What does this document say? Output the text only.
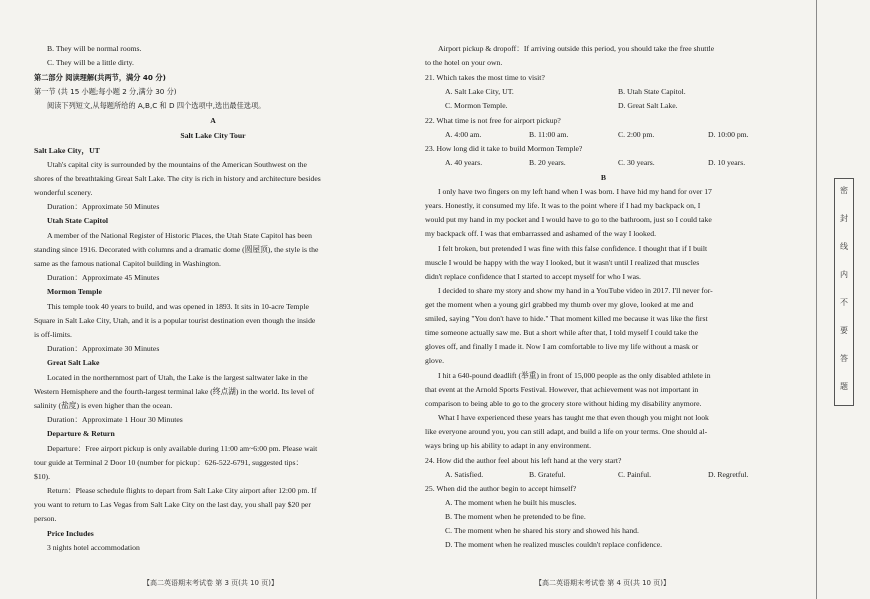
B. They will be normal rooms.
C. They will be a little dirty.
第二部分 阅读理解(共两节，满分 40 分)
第一节 (共 15 小题;每小题 2 分,满分 30 分)
阅读下列短文,从每题所给的 A,B,C 和 D 四个选项中,选出最佳选项。
A
Salt Lake City Tour
Salt Lake City，UT
Utah's capital city is surrounded by the mountains of the American Southwest on the
shores of the breathtaking Great Salt Lake. The city is rich in history and architecture besides
wonderful scenery.
Duration：Approximate 50 Minutes
Utah State Capitol
A member of the National Register of Historic Places, the Utah State Capitol has been
standing since 1916. Decorated with columns and a dramatic dome (圆屋顶), the style is the
same as the famous national Capitol building in Washington.
Duration：Approximate 45 Minutes
Mormon Temple
This temple took 40 years to build, and was opened in 1893. It sits in 10-acre Temple
Square in Salt Lake City, Utah, and it is a popular tourist destination even though the inside
is off-limits.
Duration：Approximate 30 Minutes
Great Salt Lake
Located in the northernmost part of Utah, the Lake is the largest saltwater lake in the
Western Hemisphere and the fourth-largest terminal lake (终点湖) in the world. Its level of
salinity (盐度) is even higher than the ocean.
Duration：Approximate 1 Hour 30 Minutes
Departure & Return
Departure：Free airport pickup is only available during 11:00 am~6:00 pm. Please wait
tour guide at Terminal 2 Door 10 (number for pickup：626-522-6791, suggested tips：
$10).
Return：Please schedule flights to depart from Salt Lake City airport after 12:00 pm. If
you want to return to Las Vegas from Salt Lake City on the last day, you shall pay $20 per
person.
Price Includes
3 nights hotel accommodation
【高二英语期末考试卷 第 3 页(共 10 页)】
Airport pickup & dropoff：If arriving outside this period, you should take the free shuttle
to the hotel on your own.
21. Which takes the most time to visit?
A. Salt Lake City, UT.	B. Utah State Capitol.
C. Mormon Temple.	D. Great Salt Lake.
22. What time is not free for airport pickup?
A. 4:00 am.	B. 11:00 am.	C. 2:00 pm.	D. 10:00 pm.
23. How long did it take to build Mormon Temple?
A. 40 years.	B. 20 years.	C. 30 years.	D. 10 years.
B
I only have two fingers on my left hand when I was born. I have hid my hand for over 17
years. Honestly, it consumed my life. It was to the point where if I had my backpack on, I
would put my hand in my pocket and I would have to go to the bathroom, just so I could take
my backpack off. I was that embarrassed and ashamed of the way I looked.
I felt broken, but pretended I was fine with this false confidence. I thought that if I built
muscle I would be happy with the way I looked, but it wasn't until I realized that muscles
didn't replace confidence that I started to accept myself for who I was.
I decided to share my story and show my hand in a YouTube video in 2017. I'll never for-
get the moment when a young girl grabbed my thumb over my glove, looked at me and
smiled, saying "You don't have to hide." That moment killed me because it was like the first
time someone actually saw me. But a short while after that, I told myself I could take the
gloves off, and finally I made it. Now I am comfortable to live my life without a mask or
glove.
I hit a 640-pound deadlift (举重) in front of 15,000 people as the only disabled athlete in
that event at the Arnold Sports Festival. However, that achievement was not important in
comparison to being able to go to the grocery store without hiding my disability anymore.
What I have experienced these years has taught me that even though you might not look
like everyone around you, you can still adapt, and build a life on your terms. One should al-
ways bring up his ability to adapt in any environment.
24. How did the author feel about his left hand at the very start?
A. Satisfied.	B. Grateful.	C. Painful.	D. Regretful.
25. When did the author begin to accept himself?
A. The moment when he built his muscles.
B. The moment when he pretended to be fine.
C. The moment when he shared his story and showed his hand.
D. The moment when he realized muscles couldn't replace confidence.
【高二英语期末考试卷 第 4 页(共 10 页)】
密
封
线
内
不
要
答
题
